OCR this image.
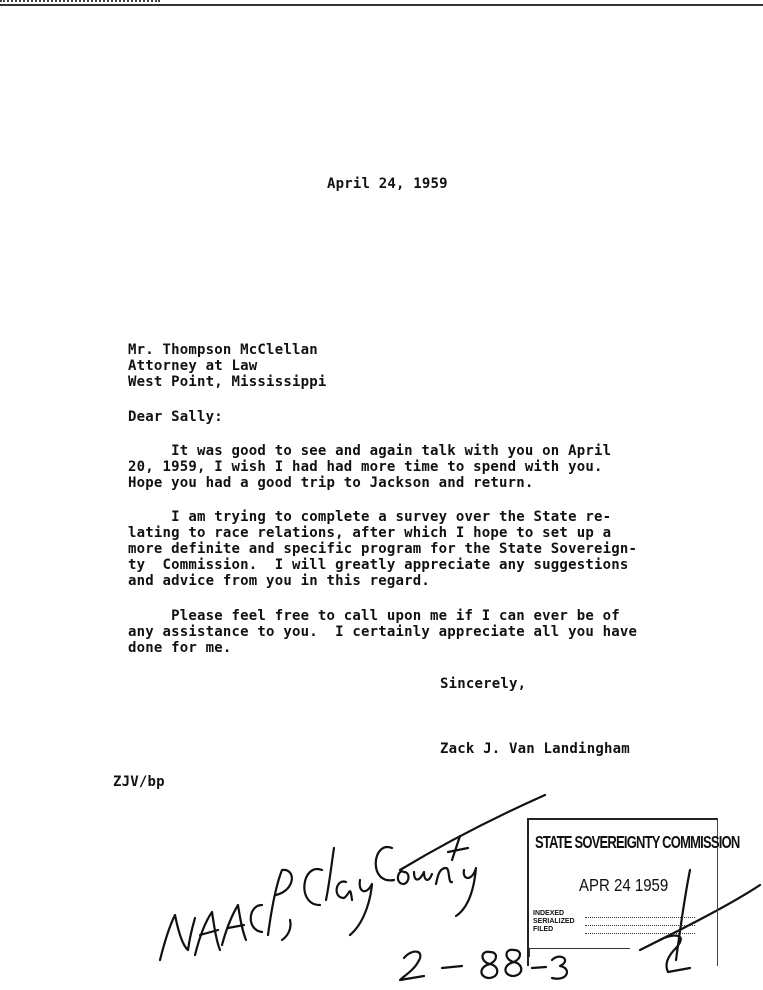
April 24, 1959
Mr. Thompson McClellan
Attorney at Law
West Point, Mississippi
Dear Sally:
It was good to see and again talk with you on April
20, 1959, I wish I had had more time to spend with you.
Hope you had a good trip to Jackson and return.
I am trying to complete a survey over the State re-
lating to race relations, after which I hope to set up a
more definite and specific program for the State Sovereign-
ty  Commission.  I will greatly appreciate any suggestions
and advice from you in this regard.
Please feel free to call upon me if I can ever be of
any assistance to you.  I certainly appreciate all you have
done for me.
Sincerely,
Zack J. Van Landingham
ZJV/bp
STATE SOVEREIGNTY COMMISSION
APR 24 1959
INDEXED
SERIALIZED
FILED
